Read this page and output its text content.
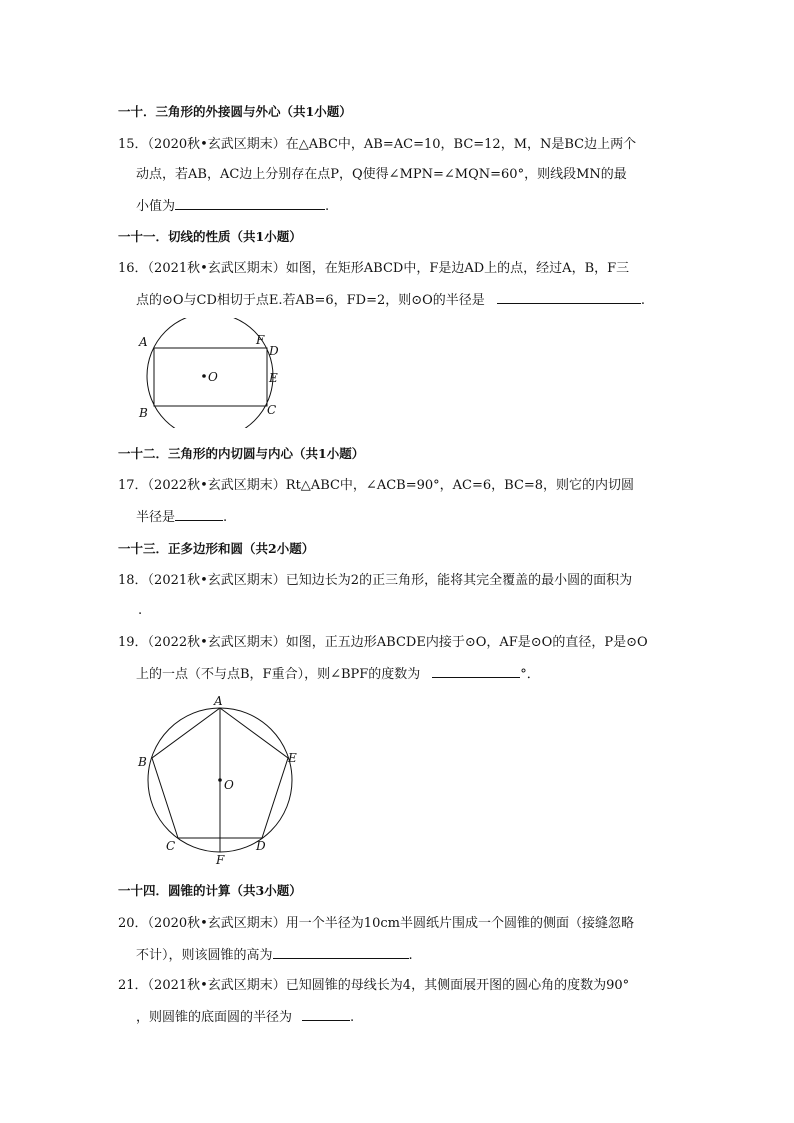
一十．三角形的外接圆与外心（共1小题）
15．（2020秋•玄武区期末）在△ABC中，AB=AC=10，BC=12，M，N是BC边上两个
动点，若AB，AC边上分别存在点P，Q使得∠MPN=∠MQN=60°，则线段MN的最
小值为	.
一十一．切线的性质（共1小题）
16．（2021秋•玄武区期末）如图，在矩形ABCD中，F是边AD上的点，经过A，B，F三
点的⊙O与CD相切于点E.若AB=6，FD=2，则⊙O的半径是	.
A	F
D
O	E
B	C
一十二．三角形的内切圆与内心（共1小题）
17．（2022秋•玄武区期末）Rt△ABC中，∠ACB=90°，AC=6，BC=8，则它的内切圆
半径是	.
一十三．正多边形和圆（共2小题）
18．（2021秋•玄武区期末）已知边长为2的正三角形，能将其完全覆盖的最小圆的面积为
.
19．（2022秋•玄武区期末）如图，正五边形ABCDE内接于⊙O，AF是⊙O的直径，P是⊙O
上的一点（不与点B，F重合），则∠BPF的度数为	°．
A
B	E
O
C	D
F
一十四．圆锥的计算（共3小题）
20．（2020秋•玄武区期末）用一个半径为10cm半圆纸片围成一个圆锥的侧面（接缝忽略
不计），则该圆锥的高为	.
21．（2021秋•玄武区期末）已知圆锥的母线长为4，其侧面展开图的圆心角的度数为90°
，则圆锥的底面圆的半径为	.
